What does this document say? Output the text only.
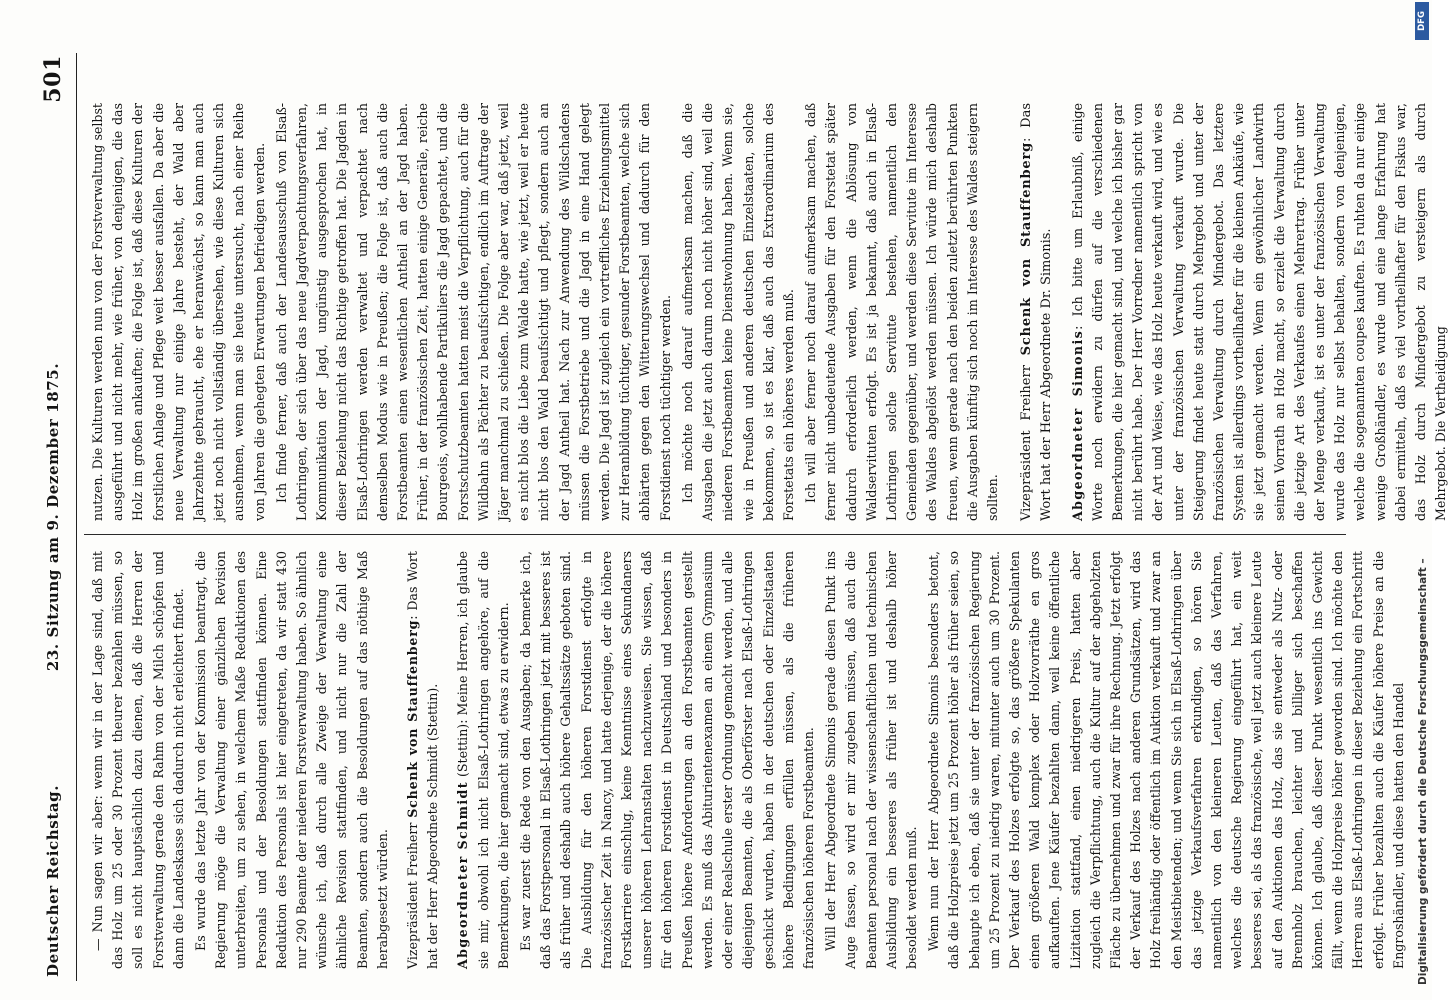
Deutscher Reichstag.
23. Sitzung am 9. Dezember 1875.
501

— Nun sagen wir aber: wenn wir in der Lage sind, daß mit das Holz um 25 oder 30 Prozent theurer bezahlen müssen, so soll es nicht hauptsächlich dazu dienen, daß die Herren der Forstverwaltung gerade den Rahm von der Milch schöpfen und dann die Landeskasse sich dadurch nicht erleichtert findet. Es wurde das letzte Jahr von der Kommission beantragt, die Regierung möge die Verwaltung einer gänzlichen Revision unterbreiten, um zu sehen, in welchem Maße Reduktionen des Personals und der Besoldungen stattfinden können. Eine Reduktion des Personals ist hier eingetreten, da wir statt 430 nur 290 Beamte der niederen Forstverwaltung haben. So ähnlich wünsche ich, daß durch alle Zweige der Verwaltung eine ähnliche Revision stattfinden, und nicht nur die Zahl der Beamten, sondern auch die Besoldungen auf das nöthige Maß herabgesetzt würden. Vizepräsident Freiherr Schenk von Stauffenberg: Das Wort hat der Herr Abgeordnete Schmidt (Stettin). Abgeordneter Schmidt (Stettin): Meine Herren, ich glaube sie mir, obwohl ich nicht Elsaß-Lothringen angehöre, auf die Bemerkungen, die hier gemacht sind, etwas zu erwidern. Es war zuerst die Rede von den Ausgaben; da bemerke ich, daß das Forstpersonal in Elsaß-Lothringen jetzt mit besseres ist als früher und deshalb auch höhere Gehaltssätze geboten sind. Die Ausbildung für den höheren Forstdienst erfolgte in französischer Zeit in Nancy, und hatte derjenige, der die höhere Forstkarriere einschlug, keine Kenntnisse eines Sekundaners unserer höheren Lehranstalten nachzuweisen. Sie wissen, daß für den höheren Forstdienst in Deutschland und besonders in Preußen höhere Anforderungen an den Forstbeamten gestellt werden. Es muß das Abiturientenexamen an einem Gymnasium oder einer Realschule erster Ordnung gemacht werden, und alle diejenigen Beamten, die als Oberförster nach Elsaß-Lothringen geschickt wurden, haben in der deutschen oder Einzelstaaten höhere Bedingungen erfüllen müssen, als die früheren französischen höheren Forstbeamten. Will der Herr Abgeordnete Simonis gerade diesen Punkt ins Auge fassen, so wird er mir zugeben müssen, daß auch die Beamten personal nach der wissenschaftlichen und technischen Ausbildung ein besseres als früher ist und deshalb höher besoldet werden muß. Wenn nun der Herr Abgeordnete Simonis besonders betont, daß die Holzpreise jetzt um 25 Prozent höher als früher seien, so behaupte ich eben, daß sie unter der französischen Regierung um 25 Prozent zu niedrig waren, mitunter auch um 30 Prozent. Der Verkauf des Holzes erfolgte so, das größere Spekulanten einen größeren Wald komplex oder Holzvorräthe en gros aufkauften. Jene Käufer bezahlten dann, weil keine öffentliche Lizitation stattfand, einen niedrigeren Preis, hatten aber zugleich die Verpflichtung, auch die Kultur auf der abgeholzten Fläche zu übernehmen und zwar für ihre Rechnung. Jetzt erfolgt der Verkauf des Holzes nach anderen Grundsätzen, wird das Holz freihändig oder öffentlich im Auktion verkauft und zwar an den Meistbietenden; und wenn Sie sich in Elsaß-Lothringen über das jetzige Verkaufsverfahren erkundigen, so hören Sie namentlich von den kleineren Leuten, daß das Verfahren, welches die deutsche Regierung eingeführt hat, ein weit besseres sei, als das französische, weil jetzt auch kleinere Leute auf den Auktionen das Holz, das sie entweder als Nutz- oder Brennholz brauchen, leichter und billiger sich beschaffen können. Ich glaube, daß dieser Punkt wesentlich ins Gewicht fällt, wenn die Holzpreise höher geworden sind. Ich möchte den Herren aus Elsaß-Lothringen in dieser Beziehung ein Fortschritt erfolgt. Früher bezahlten auch die Käufer höhere Preise an die Engroshändler, und diese hatten den Handel

nutzen. Die Kulturen werden nun von der Forstverwaltung selbst ausgeführt und nicht mehr, wie früher, von denjenigen, die das Holz im großen ankauften; die Folge ist, daß diese Kulturen der forstlichen Anlage und Pflege weit besser ausfallen. Da aber die neue Verwaltung nur einige Jahre besteht, der Wald aber Jahrzehnte gebraucht, ehe er heranwächst, so kann man auch jetzt noch nicht vollständig übersehen, wie diese Kulturen sich ausnehmen, wenn man sie heute untersucht, nach einer Reihe von Jahren die gehegten Erwartungen befriedigen werden. Ich finde ferner, daß auch der Landesausschuß von Elsaß-Lothringen, der sich über das neue Jagdverpachtungsverfahren, Kommunikation der Jagd, ungünstig ausgesprochen hat, in dieser Beziehung nicht das Richtige getroffen hat. Die Jagden in Elsaß-Lothringen werden verwaltet und verpachtet nach demselben Modus wie in Preußen; die Folge ist, daß auch die Forstbeamten einen wesentlichen Antheil an der Jagd haben. Früher, in der französischen Zeit, hatten einige Generäle, reiche Bourgeois, wohlhabende Partikuliers die Jagd gepachtet, und die Forstschutzbeamten hatten meist die Verpflichtung, auch für die Wildbahn als Pächter zu beaufsichtigen, endlich im Auftrage der Jäger manchmal zu schießen. Die Folge aber war, daß jetzt, weil es nicht blos die Liebe zum Walde hatte, wie jetzt, weil er heute nicht blos den Wald beaufsichtigt und pflegt, sondern auch an der Jagd Antheil hat. Nach zur Anwendung des Wildschadens müssen die Forstbetriebe und die Jagd in eine Hand gelegt werden. Die Jagd ist zugleich ein vortreffliches Erziehungsmittel zur Heranbildung tüchtiger, gesunder Forstbeamten, welche sich abhärten gegen den Witterungswechsel und dadurch für den Forstdienst noch tüchtiger werden. Ich möchte noch darauf aufmerksam machen, daß die Ausgaben die jetzt auch darum noch nicht höher sind, weil die niederen Forstbeamten keine Dienstwohnung haben. Wenn sie, wie in Preußen und anderen deutschen Einzelstaaten, solche bekommen, so ist es klar, daß auch das Extraordinarium des Forstetats ein höheres werden muß. Ich will aber ferner noch darauf aufmerksam machen, daß ferner nicht unbedeutende Ausgaben für den Forstetat später dadurch erforderlich werden, wenn die Ablösung von Waldservituten erfolgt. Es ist ja bekannt, daß auch in Elsaß-Lothringen solche Servitute bestehen, namentlich den Gemeinden gegenüber, und werden diese Servitute im Interesse des Waldes abgelöst werden müssen. Ich würde mich deshalb freuen, wenn gerade nach den beiden zuletzt berührten Punkten die Ausgaben künftig sich noch im Interesse des Waldes steigern sollten. Vizepräsident Freiherr Schenk von Stauffenberg: Das Wort hat der Herr Abgeordnete Dr. Simonis. Abgeordneter Simonis: Ich bitte um Erlaubniß, einige Worte noch erwidern zu dürfen auf die verschiedenen Bemerkungen, die hier gemacht sind, und welche ich bisher gar nicht berührt habe. Der Herr Vorredner namentlich spricht von der Art und Weise, wie das Holz heute verkauft wird, und wie es unter der französischen Verwaltung verkauft wurde. Die Steigerung findet heute statt durch Mehrgebot und unter der französischen Verwaltung durch Mindergebot. Das letztere System ist allerdings vortheilhafter für die kleinen Ankäufe, wie sie jetzt gemacht werden. Wenn ein gewöhnlicher Landwirth seinen Vorrath an Holz macht, so erzielt die Verwaltung durch die jetzige Art des Verkaufes einen Mehrertrag. Früher unter der Menge verkauft, ist es unter der französischen Verwaltung wurde das Holz nur selbst behalten, sondern von denjenigen, welche die sogenannten coupes kauften. Es ruhten da nur einige wenige Großhändler, es wurde und eine lange Erfahrung hat dabei ermitteln, daß es viel vortheilhafter für den Fiskus war, das Holz durch Mindergebot zu versteigern als durch Mehrgebot. Die Vertheidigung

Digitalisierung gefördert durch die Deutsche Forschungsgemeinschaft –
DFG
